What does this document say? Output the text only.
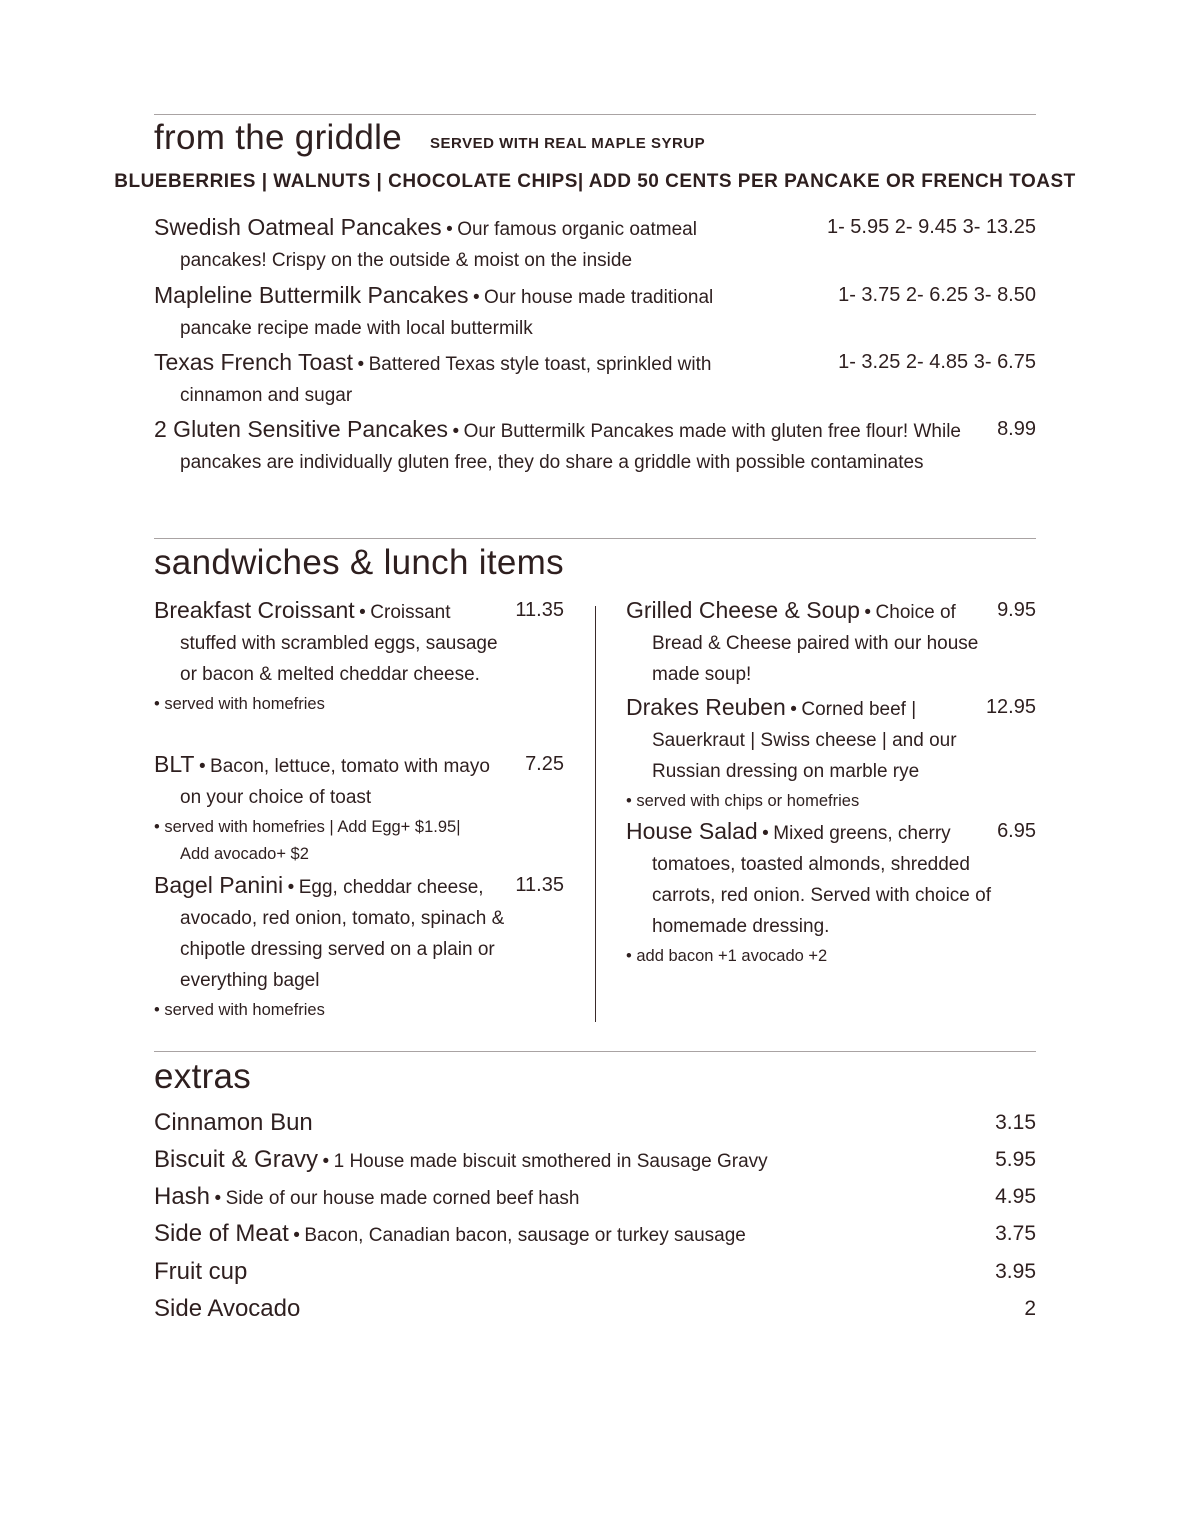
from the griddle SERVED WITH REAL MAPLE SYRUP
BLUEBERRIES | WALNUTS | CHOCOLATE CHIPS| ADD 50 CENTS PER PANCAKE OR FRENCH TOAST
Swedish Oatmeal Pancakes • Our famous organic oatmeal pancakes! Crispy on the outside & moist on the inside
1- 5.95 2- 9.45 3- 13.25
Mapleline Buttermilk Pancakes • Our house made traditional pancake recipe made with local buttermilk
1- 3.75 2- 6.25 3- 8.50
Texas French Toast • Battered Texas style toast, sprinkled with cinnamon and sugar
1- 3.25 2- 4.85 3- 6.75
2 Gluten Sensitive Pancakes • Our Buttermilk Pancakes made with gluten free flour! While pancakes are individually gluten free, they do share a griddle with possible contaminates
8.99
sandwiches & lunch items
Breakfast Croissant • Croissant stuffed with scrambled eggs, sausage or bacon & melted cheddar cheese.
• served with homefries
11.35
BLT • Bacon, lettuce, tomato with mayo on your choice of toast
• served with homefries | Add Egg+ $1.95| Add avocado+ $2
7.25
Bagel Panini • Egg, cheddar cheese, avocado, red onion, tomato, spinach & chipotle dressing served on a plain or everything bagel
• served with homefries
11.35
Grilled Cheese & Soup • Choice of Bread & Cheese paired with our house made soup!
9.95
Drakes Reuben • Corned beef | Sauerkraut | Swiss cheese | and our Russian dressing on marble rye
• served with chips or homefries
12.95
House Salad • Mixed greens, cherry tomatoes, toasted almonds, shredded carrots, red onion. Served with choice of homemade dressing.
• add bacon +1 avocado +2
6.95
extras
Cinnamon Bun	3.15
Biscuit & Gravy • 1 House made biscuit smothered in Sausage Gravy	5.95
Hash • Side of our house made corned beef hash	4.95
Side of Meat • Bacon, Canadian bacon, sausage or turkey sausage	3.75
Fruit cup	3.95
Side Avocado	2
